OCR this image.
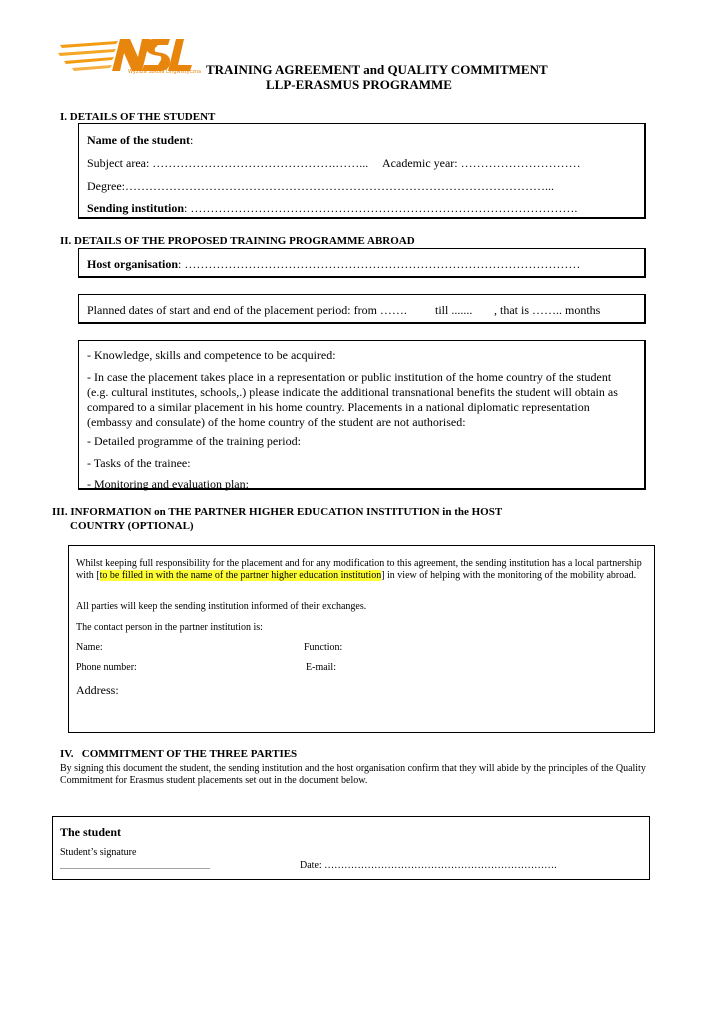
Wyższa Szkoła Lingwistyczna TRAINING AGREEMENT and QUALITY COMMITMENT
LLP-ERASMUS PROGRAMME
I. DETAILS OF THE STUDENT
Name of the student:
Subject area: ……………………………………….……... Academic year: …………………………
Degree:……………………………………………………………………………………………...
Sending institution: …………………………………………………………………………………….
II. DETAILS OF THE PROPOSED TRAINING PROGRAMME ABROAD
Host organisation: ………………………………………………………………………………………
Planned dates of start and end of the placement period: from ……. till ....... , that is …….. months
- Knowledge, skills and competence to be acquired:
- In case the placement takes place in a representation or public institution of the home country of the student (e.g. cultural institutes, schools,.) please indicate the additional transnational benefits the student will obtain as compared to a similar placement in his home country. Placements in a national diplomatic representation (embassy and consulate) of the home country of the student are not authorised:
- Detailed programme of the training period:
- Tasks of the trainee:
- Monitoring and evaluation plan:
III. INFORMATION on THE PARTNER HIGHER EDUCATION INSTITUTION in the HOST
COUNTRY (OPTIONAL)
Whilst keeping full responsibility for the placement and for any modification to this agreement, the sending institution has a local partnership with [to be filled in with the name of the partner higher education institution] in view of helping with the monitoring of the mobility abroad.
All parties will keep the sending institution informed of their exchanges.
The contact person in the partner institution is:
Name:	Function:
Phone number:	E-mail:
Address:
IV.   COMMITMENT OF THE THREE PARTIES
By signing this document the student, the sending institution and the host organisation confirm that they will abide by the principles of the Quality Commitment for Erasmus student placements set out in the document below.
The student
Student’s signature
...........................................................................	Date: …………………………………………………………….
